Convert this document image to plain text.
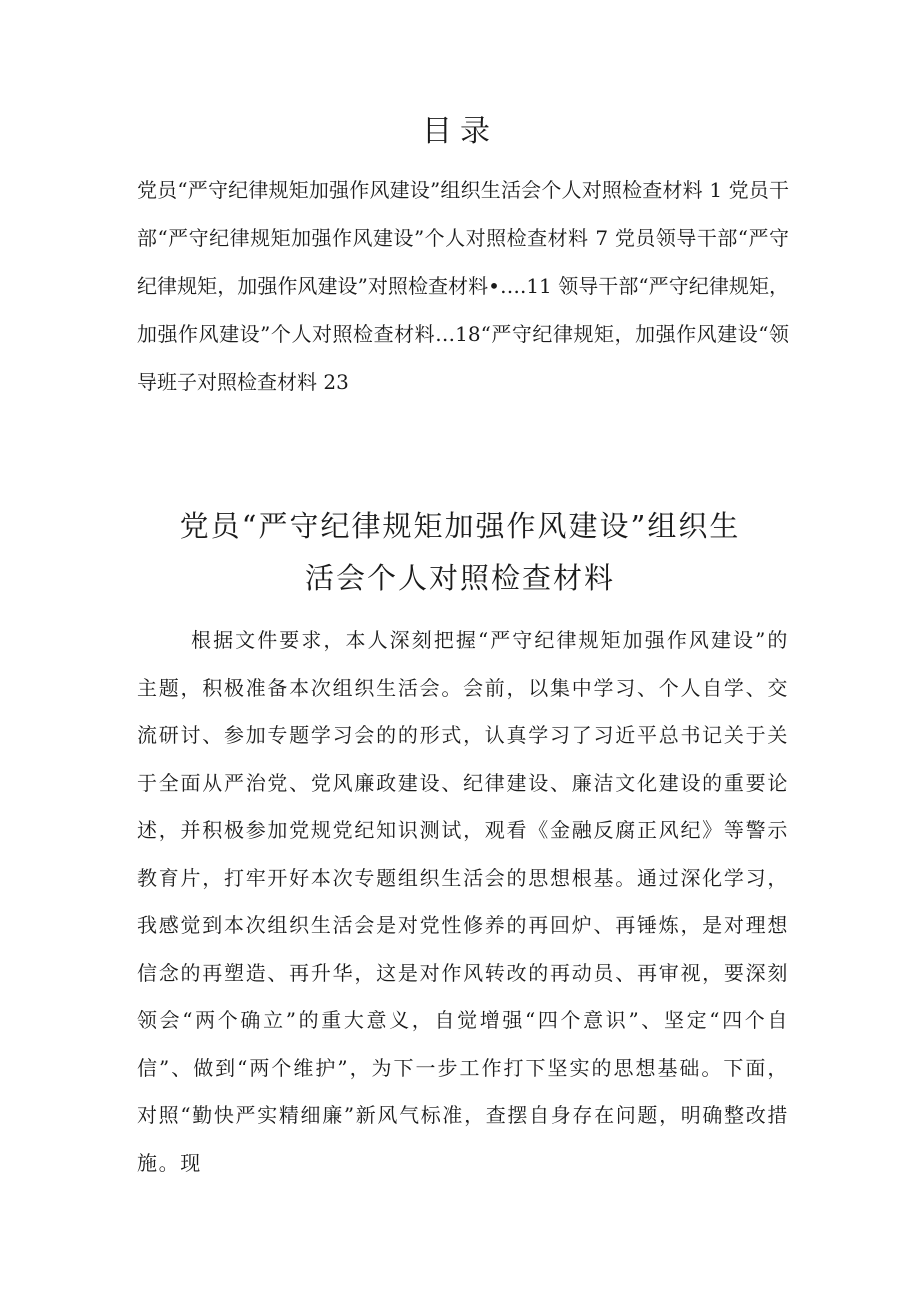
目录

党员“严守纪律规矩加强作风建设”组织生活会个人对照检查材料 1 党员干部“严守纪律规矩加强作风建设”个人对照检查材料 7 党员领导干部“严守纪律规矩，加强作风建设”对照检查材料•….11 领导干部“严守纪律规矩，加强作风建设”个人对照检查材料…18“严守纪律规矩，加强作风建设“领导班子对照检查材料 23

党员“严守纪律规矩加强作风建设”组织生
活会个人对照检查材料

根据文件要求，本人深刻把握“严守纪律规矩加强作风建设”的主题，积极准备本次组织生活会。会前，以集中学习、个人自学、交流研讨、参加专题学习会的的形式，认真学习了习近平总书记关于关于全面从严治党、党风廉政建设、纪律建设、廉洁文化建设的重要论述，并积极参加党规党纪知识测试，观看《金融反腐正风纪》等警示教育片，打牢开好本次专题组织生活会的思想根基。通过深化学习，我感觉到本次组织生活会是对党性修养的再回炉、再锤炼，是对理想信念的再塑造、再升华，这是对作风转改的再动员、再审视，要深刻领会“两个确立”的重大意义，自觉增强“四个意识”、坚定“四个自信”、做到“两个维护”，为下一步工作打下坚实的思想基础。下面，对照“勤快严实精细廉”新风气标准，查摆自身存在问题，明确整改措施。现
